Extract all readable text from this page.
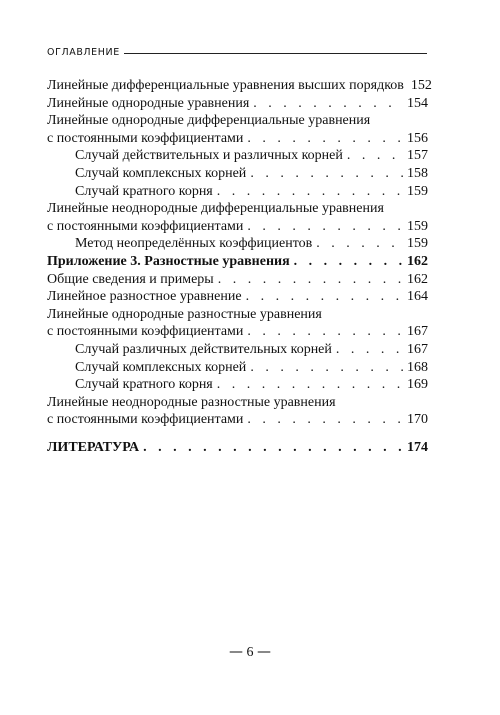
ОГЛАВЛЕНИЕ
Линейные дифференциальные уравнения высших порядков 152
Линейные однородные уравнения . . .	154
Линейные однородные дифференциальные уравнения
с постоянными коэффициентами . . .	156
Случай действительных и различных корней . . .	157
Случай комплексных корней . . .	158
Случай кратного корня . . .	159
Линейные неоднородные дифференциальные уравнения
с постоянными коэффициентами . . .	159
Метод неопределённых коэффициентов . . .	159
Приложение 3. Разностные уравнения . . .	162
Общие сведения и примеры . . .	162
Линейное разностное уравнение . . .	164
Линейные однородные разностные уравнения
с постоянными коэффициентами . . .	167
Случай различных действительных корней . . .	167
Случай комплексных корней . . .	168
Случай кратного корня . . .	169
Линейные неоднородные разностные уравнения
с постоянными коэффициентами . . .	170
ЛИТЕРАТУРА . . .	174
— 6 —
